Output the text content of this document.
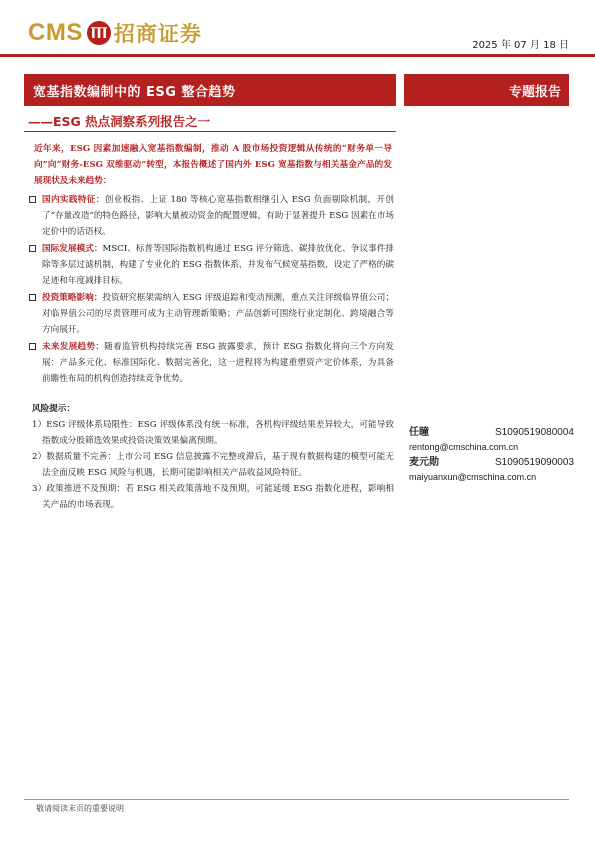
CMS 招商证券	2025 年 07 月 18 日
宽基指数编制中的 ESG 整合趋势	专题报告
——ESG 热点洞察系列报告之一
近年来，ESG 因素加速融入宽基指数编制，推动 A 股市场投资逻辑从传统的“财务单一导向”向“财务-ESG 双维驱动”转型，本报告概述了国内外 ESG 宽基指数与相关基金产品的发展现状及未来趋势：
国内实践特征：创业板指、上证 180 等核心宽基指数相继引入 ESG 负面剔除机制，开创了“存量改造”的特色路径，影响大量被动资金的配置逻辑，有助于显著提升 ESG 因素在市场定价中的话语权。
国际发展模式：MSCI、标普等国际指数机构通过 ESG 评分筛选、碳排放优化、争议事件排除等多层过滤机制，构建了专业化的 ESG 指数体系，并发布气候宽基指数，设定了严格的碳足迹和年度减排目标。
投资策略影响：投资研究框架需纳入 ESG 评级追踪和变动预测，重点关注评级临界值公司；对临界值公司的尽责管理可成为主动管理新策略；产品创新可围绕行业定制化、跨境融合等方向展开。
未来发展趋势：随着监管机构持续完善 ESG 披露要求，预计 ESG 指数化将向三个方向发展：产品多元化、标准国际化、数据完善化，这一进程将为构建重塑资产定价体系，为具备前瞻性布局的机构创造持续竞争优势。
风险提示：
1）ESG 评级体系局限性：ESG 评级体系没有统一标准，各机构评级结果差异较大，可能导致指数成分股筛选效果或投资决策效果偏离预期。
2）数据质量不完善：上市公司 ESG 信息披露不完整或滞后，基于现有数据构建的模型可能无法全面反映 ESG 风险与机遇，长期可能影响相关产品收益风险特征。
3）政策推进不及预期：若 ESG 相关政策落地不及预期，可能延缓 ESG 指数化进程，影响相关产品的市场表现。
任瞳	S1090519080004
rentong@cmschina.com.cn
麦元勋	S1090519090003
maiyuanxun@cmschina.com.cn
敬请阅读末页的重要说明
